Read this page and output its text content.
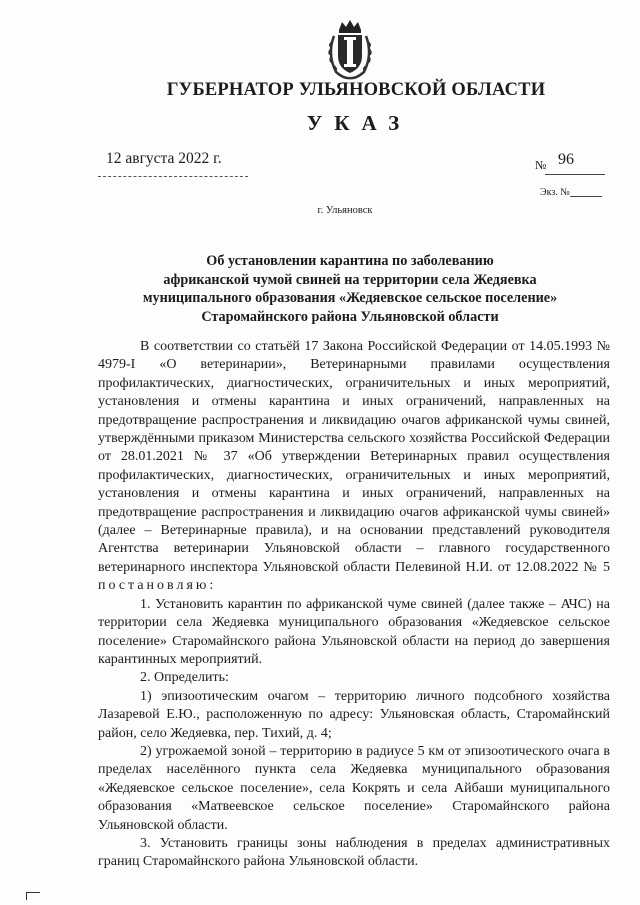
ГУБЕРНАТОР УЛЬЯНОВСКОЙ ОБЛАСТИ
УКАЗ
12 августа 2022 г.	№ 96
Экз. №
г. Ульяновск
Об установлении карантина по заболеванию
африканской чумой свиней на территории села Жедяевка
муниципального образования «Жедяевское сельское поселение»
Старомайнского района Ульяновской области

В соответствии со статьёй 17 Закона Российской Федерации от 14.05.1993 № 4979-I «О ветеринарии», Ветеринарными правилами осуществления профилактических, диагностических, ограничительных и иных мероприятий, установления и отмены карантина и иных ограничений, направленных на предотвращение распространения и ликвидацию очагов африканской чумы свиней, утверждёнными приказом Министерства сельского хозяйства Российской Федерации от 28.01.2021 № 37 «Об утверждении Ветеринарных правил осуществления профилактических, диагностических, ограничительных и иных мероприятий, установления и отмены карантина и иных ограничений, направленных на предотвращение распространения и ликвидацию очагов африканской чумы свиней» (далее – Ветеринарные правила), и на основании представлений руководителя Агентства ветеринарии Ульяновской области – главного государственного ветеринарного инспектора Ульяновской области Пелевиной Н.И. от 12.08.2022 № 5 постановляю:

1. Установить карантин по африканской чуме свиней (далее также – АЧС) на территории села Жедяевка муниципального образования «Жедяевское сельское поселение» Старомайнского района Ульяновской области на период до завершения карантинных мероприятий.

2. Определить:

1) эпизоотическим очагом – территорию личного подсобного хозяйства Лазаревой Е.Ю., расположенную по адресу: Ульяновская область, Старомайнский район, село Жедяевка, пер. Тихий, д. 4;

2) угрожаемой зоной – территорию в радиусе 5 км от эпизоотического очага в пределах населённого пункта села Жедяевка муниципального образования «Жедяевское сельское поселение», села Кокрять и села Айбаши муниципального образования «Матвеевское сельское поселение» Старомайнского района Ульяновской области.

3. Установить границы зоны наблюдения в пределах административных границ Старомайнского района Ульяновской области.
